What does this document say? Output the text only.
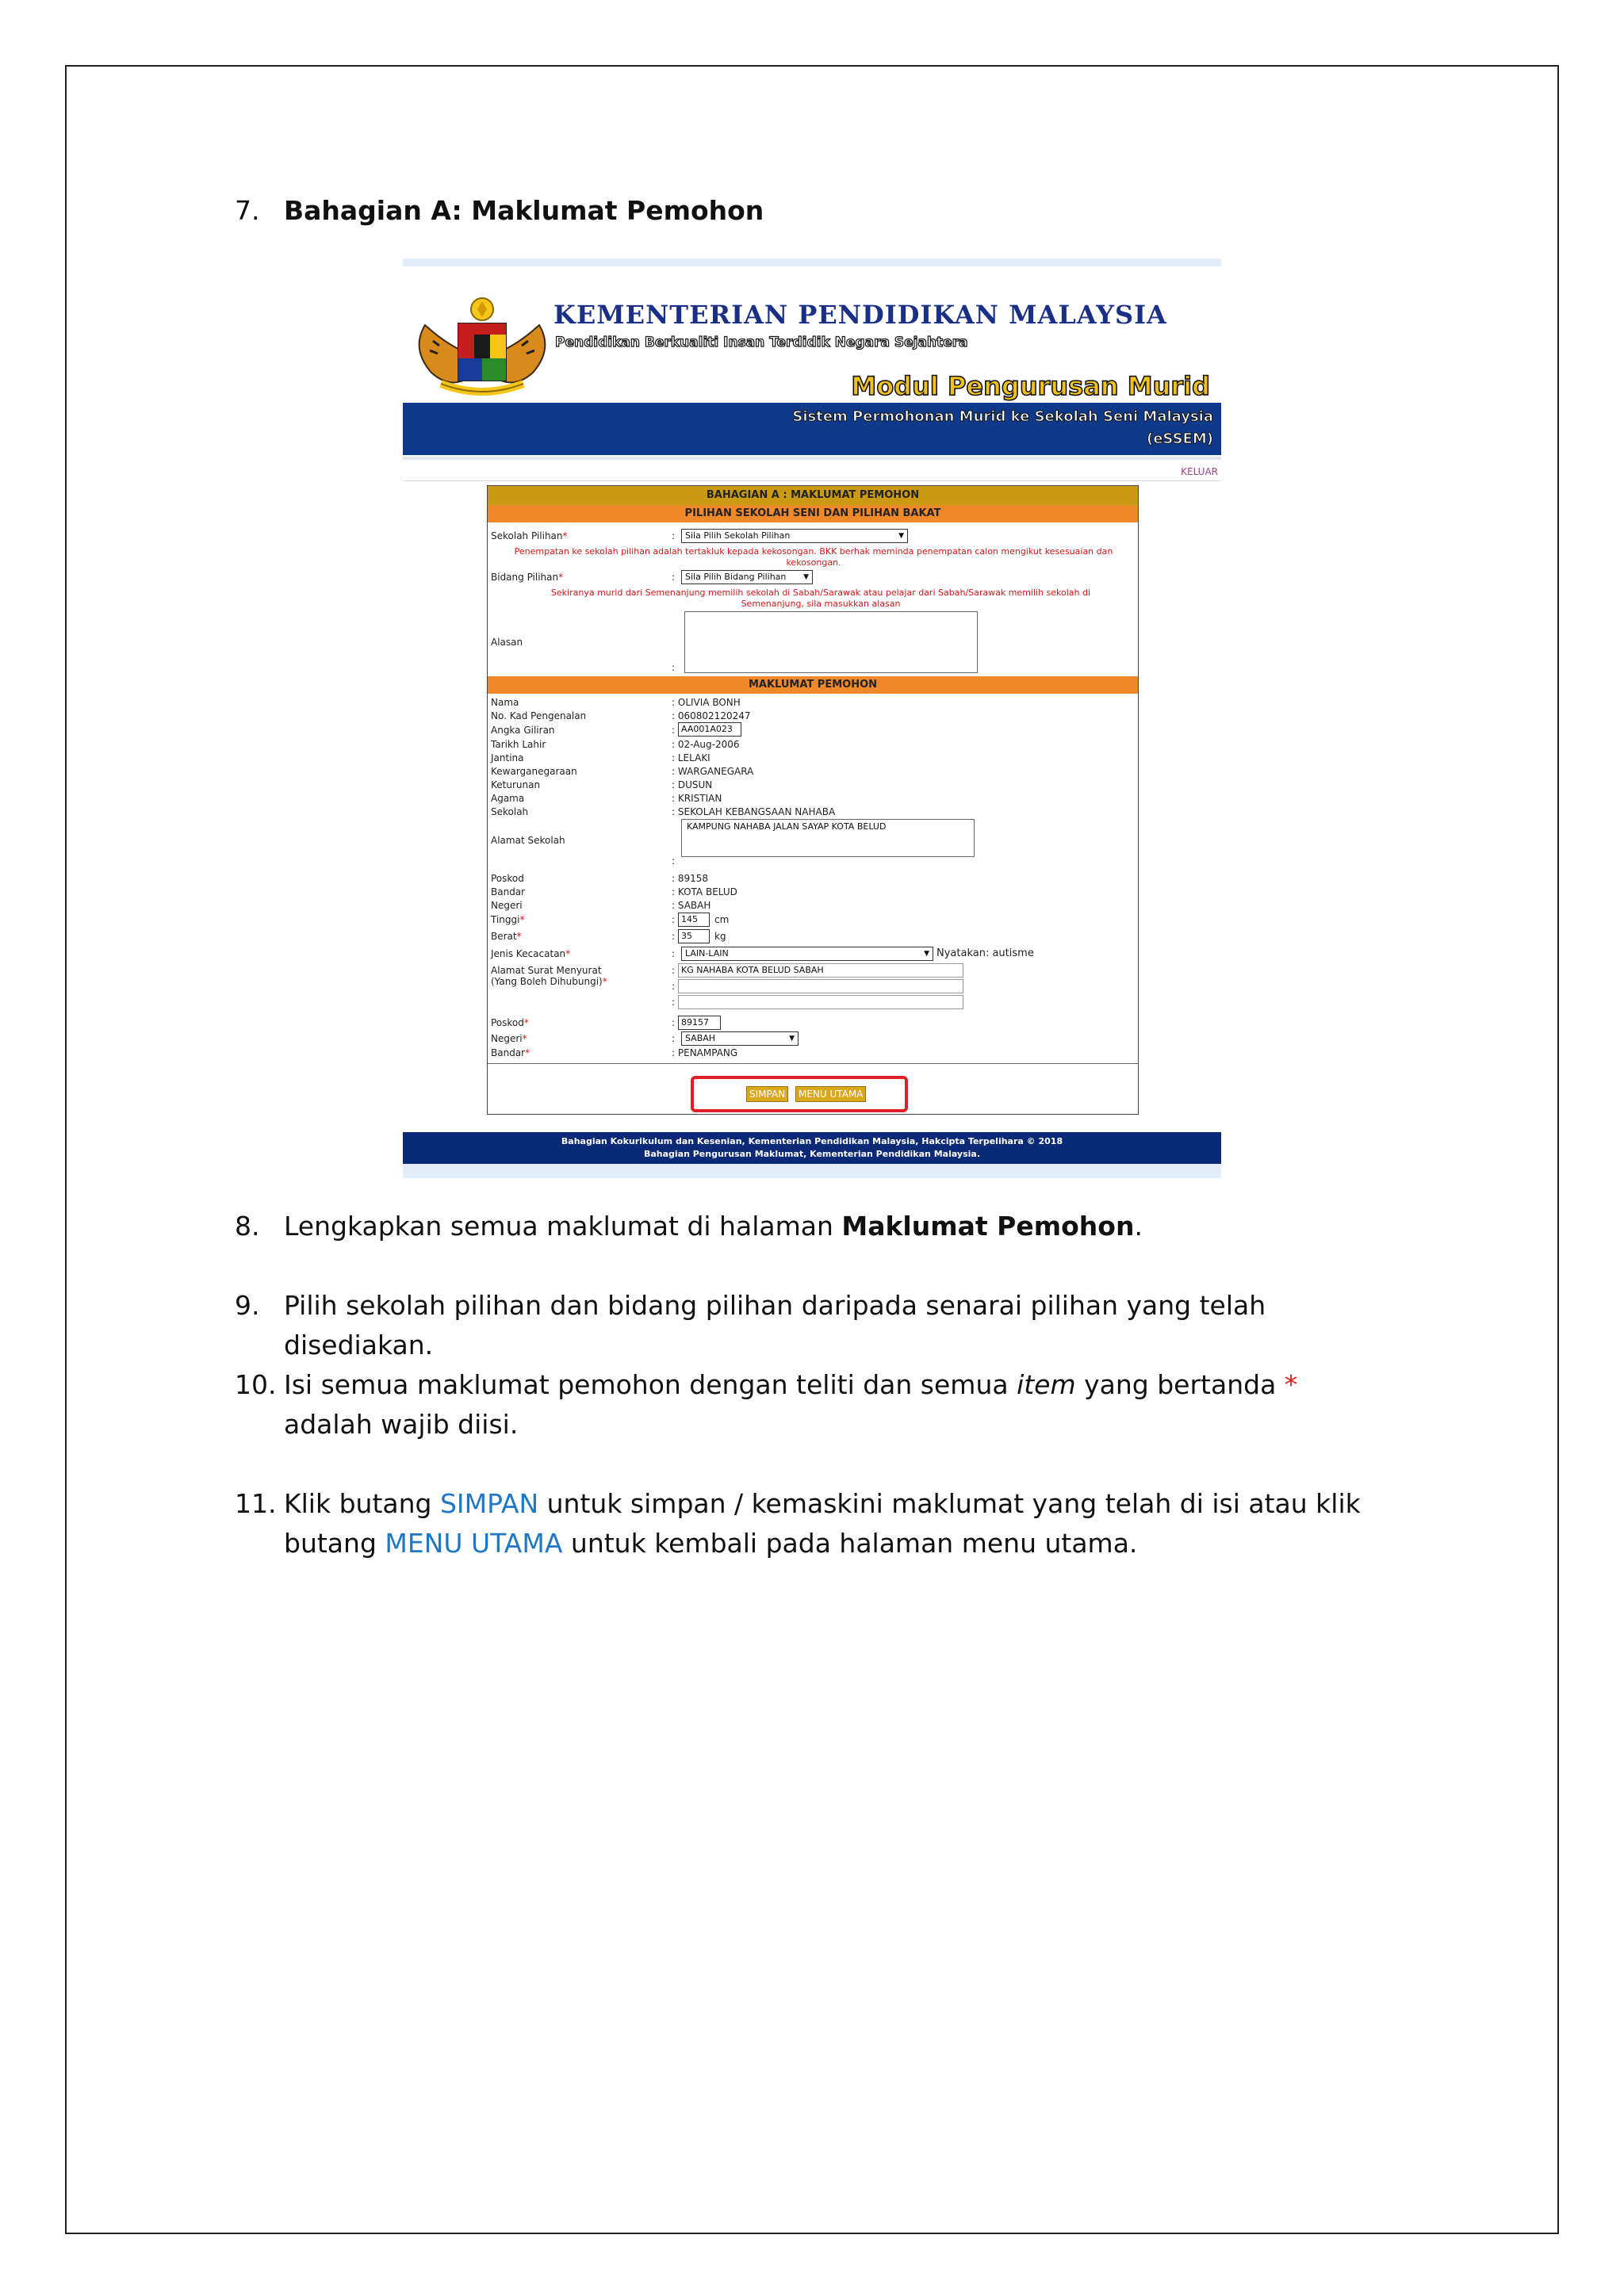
7. Bahagian A: Maklumat Pemohon
KEMENTERIAN PENDIDIKAN MALAYSIA
Pendidikan Berkualiti Insan Terdidik Negara Sejahtera
Modul Pengurusan Murid
Sistem Permohonan Murid ke Sekolah Seni Malaysia
(eSSEM)
KELUAR
BAHAGIAN A : MAKLUMAT PEMOHON
PILIHAN SEKOLAH SENI DAN PILIHAN BAKAT
Sekolah Pilihan*	:	Sila Pilih Sekolah Pilihan	▼
Penempatan ke sekolah pilihan adalah tertakluk kepada kekosongan. BKK berhak meminda penempatan calon mengikut kesesuaian dan kekosongan.
Bidang Pilihan*	:	Sila Pilih Bidang Pilihan ▼
Sekiranya murid dari Semenanjung memilih sekolah di Sabah/Sarawak atau pelajar dari Sabah/Sarawak memilih sekolah di Semenanjung, sila masukkan alasan
Alasan
:
MAKLUMAT PEMOHON
Nama	: OLIVIA BONH
No. Kad Pengenalan	: 060802120247
Angka Giliran	: AA001A023
Tarikh Lahir	: 02-Aug-2006
Jantina	: LELAKI
Kewarganegaraan	: WARGANEGARA
Keturunan	: DUSUN
Agama	: KRISTIAN
Sekolah	: SEKOLAH KEBANGSAAN NAHABA
Alamat Sekolah
:
KAMPUNG NAHABA JALAN SAYAP KOTA BELUD
Poskod	: 89158
Bandar	: KOTA BELUD
Negeri	: SABAH
Tinggi*	: 145	cm
Berat*	: 35	kg
Jenis Kecacatan*	:	LAIN-LAIN	▼ Nyatakan: autisme
Alamat Surat Menyurat
(Yang Boleh Dihubungi)*
: KG NAHABA KOTA BELUD SABAH
:
:
Poskod*	: 89157
Negeri*	:	SABAH	▼
Bandar*	: PENAMPANG
SIMPAN	MENU UTAMA
Bahagian Kokurikulum dan Kesenian, Kementerian Pendidikan Malaysia, Hakcipta Terpelihara © 2018
Bahagian Pengurusan Maklumat, Kementerian Pendidikan Malaysia.
8. Lengkapkan semua maklumat di halaman Maklumat Pemohon.
9. Pilih sekolah pilihan dan bidang pilihan daripada senarai pilihan yang telah disediakan.
10. Isi semua maklumat pemohon dengan teliti dan semua item yang bertanda * adalah wajib diisi.
11. Klik butang SIMPAN untuk simpan / kemaskini maklumat yang telah di isi atau klik butang MENU UTAMA untuk kembali pada halaman menu utama.
